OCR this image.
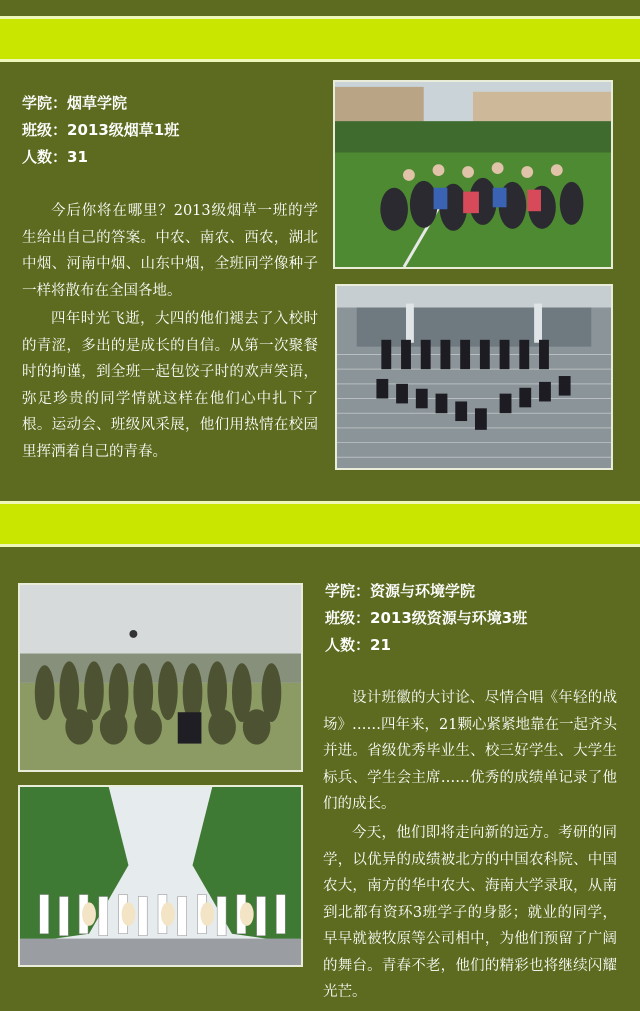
学院：烟草学院
班级：2013级烟草1班
人数：31

今后你将在哪里？2013级烟草一班的学生给出自己的答案。中农、南农、西农，湖北中烟、河南中烟、山东中烟，全班同学像种子一样将散布在全国各地。

四年时光飞逝，大四的他们褪去了入校时的青涩，多出的是成长的自信。从第一次聚餐时的拘谨，到全班一起包饺子时的欢声笑语，弥足珍贵的同学情就这样在他们心中扎下了根。运动会、班级风采展，他们用热情在校园里挥洒着自己的青春。

学院：资源与环境学院
班级：2013级资源与环境3班
人数：21

设计班徽的大讨论、尽情合唱《年轻的战场》……四年来，21颗心紧紧地靠在一起齐头并进。省级优秀毕业生、校三好学生、大学生标兵、学生会主席……优秀的成绩单记录了他们的成长。

今天，他们即将走向新的远方。考研的同学，以优异的成绩被北方的中国农科院、中国农大，南方的华中农大、海南大学录取，从南到北都有资环3班学子的身影；就业的同学，早早就被牧原等公司相中，为他们预留了广阔的舞台。青春不老，他们的精彩也将继续闪耀光芒。
